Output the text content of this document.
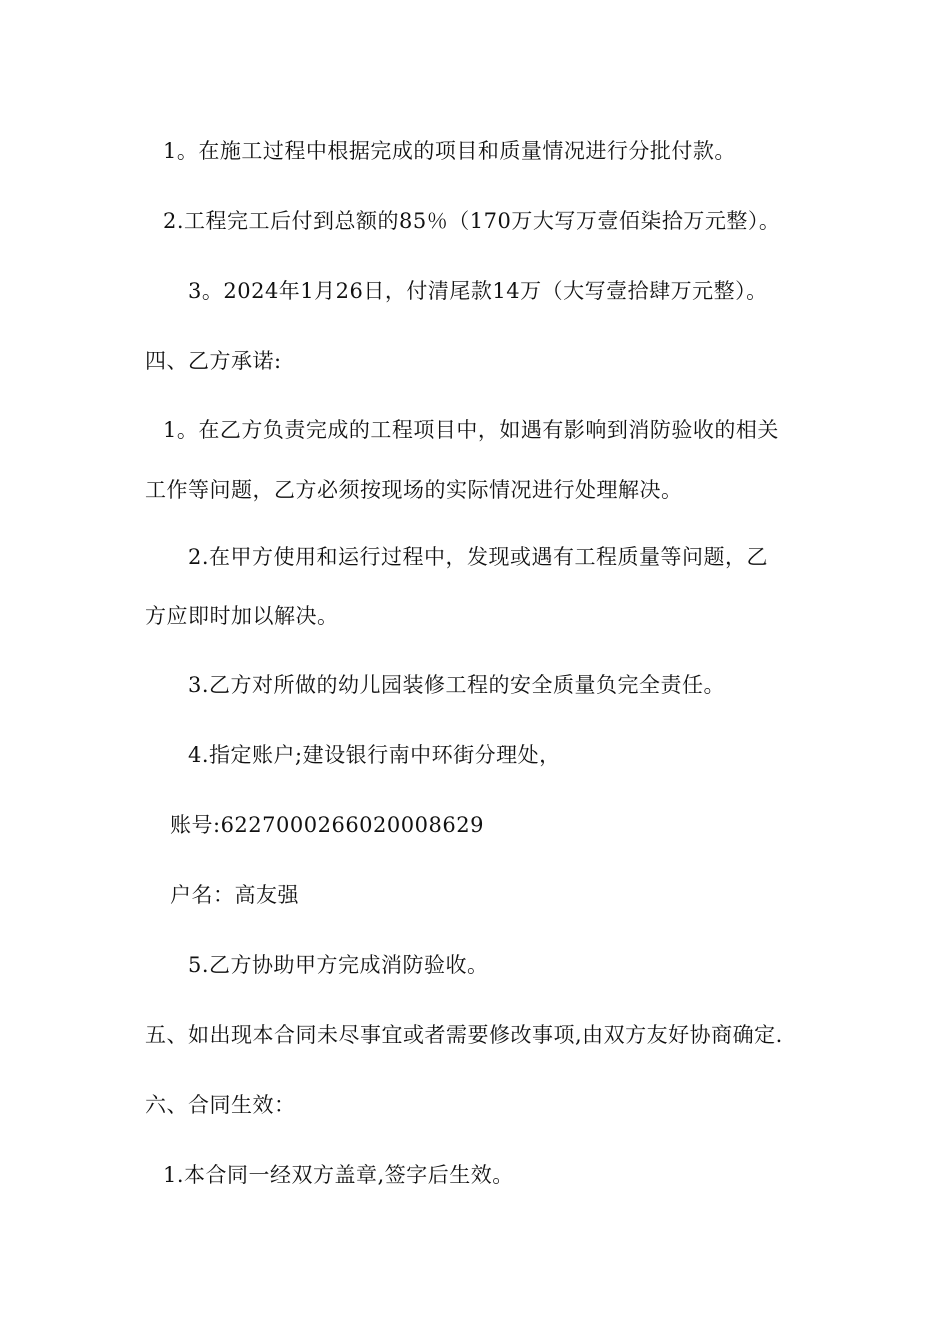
1。在施工过程中根据完成的项目和质量情况进行分批付款。
2.工程完工后付到总额的85％（170万大写万壹佰柒拾万元整）。
3。2024年1月26日，付清尾款14万（大写壹拾肆万元整）。
四、乙方承诺:
1。在乙方负责完成的工程项目中，如遇有影响到消防验收的相关
工作等问题，乙方必须按现场的实际情况进行处理解决。
2.在甲方使用和运行过程中，发现或遇有工程质量等问题，乙
方应即时加以解决。
3.乙方对所做的幼儿园装修工程的安全质量负完全责任。
4.指定账户;建设银行南中环街分理处，
账号:6227000266020008629
户名：高友强
5.乙方协助甲方完成消防验收。
五、如出现本合同未尽事宜或者需要修改事项,由双方友好协商确定.
六、合同生效：
1.本合同一经双方盖章,签字后生效。
